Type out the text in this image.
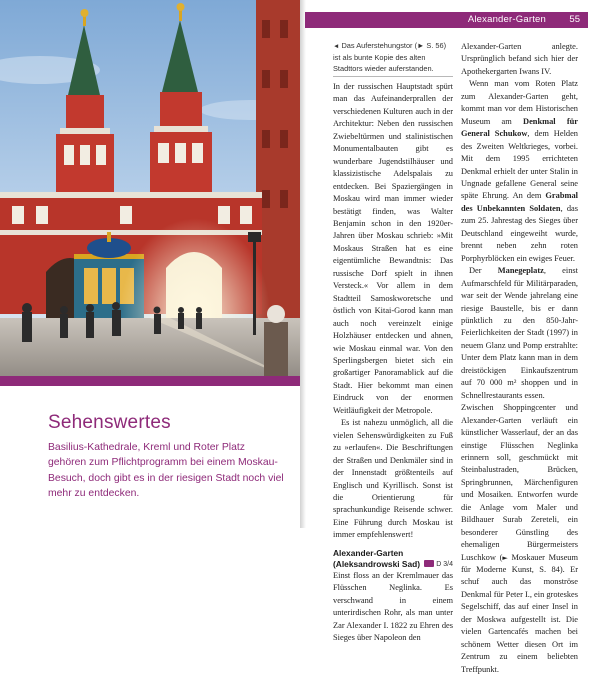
Sehenswertes
Basilius-Kathedrale, Kreml und Roter Platz gehören zum Pflichtprogramm bei einem Moskau-Besuch, doch gibt es in der riesigen Stadt noch viel mehr zu entdecken.
Alexander-Garten 55
◄ Das Auferstehungstor (► S. 56) ist als bunte Kopie des alten Stadttors wieder auferstanden.

In der russischen Hauptstadt spürt man das Aufeinanderprallen der verschiedenen Kulturen auch in der Architektur: Neben den russischen Zwiebeltürmen und stalinistischen Monumentalbauten gibt es wunderbare Jugendstilhäuser und klassizistische Adelspalais zu entdecken. Bei Spaziergängen in Moskau wird man immer wieder bestätigt finden, was Walter Benjamin schon in den 1920er-Jahren über Moskau schrieb: »Mit Moskaus Straßen hat es eine eigentümliche Bewandtnis: Das russische Dorf spielt in ihnen Versteck.« Vor allem in dem Stadtteil Samoskworetsche und östlich von Kitai-Gorod kann man auch noch vereinzelt einige Holzhäuser entdecken und ahnen, wie Moskau einmal war. Von den Sperlingsbergen bietet sich ein großartiger Panoramablick auf die Stadt. Hier bekommt man einen Eindruck von der enormen Weitläufigkeit der Metropole.

Es ist nahezu unmöglich, all die vielen Sehenswürdigkeiten zu Fuß zu »erlaufen«. Die Beschriftungen der Straßen und Denkmäler sind in der Innenstadt größtenteils auf Englisch und Kyrillisch. Sonst ist die Orientierung für sprachunkundige Reisende schwer. Eine Führung durch Moskau ist immer empfehlenswert!

Alexander-Garten
(Aleksandrowski Sad)	D 3/4

Einst floss an der Kremlmauer das Flüsschen Neglinka. Es verschwand in einem unterirdischen Rohr, als man unter Zar Alexander I. 1822 zu Ehren des Sieges über Napoleon den

Alexander-Garten anlegte. Ursprünglich befand sich hier der Apothekergarten Iwans IV.

Wenn man vom Roten Platz zum Alexander-Garten geht, kommt man vor dem Historischen Museum am Denkmal für General Schukow, dem Helden des Zweiten Weltkrieges, vorbei. Mit dem 1995 errichteten Denkmal erhielt der unter Stalin in Ungnade gefallene General seine späte Ehrung. An dem Grabmal des Unbekannten Soldaten, das zum 25. Jahrestag des Sieges über Deutschland eingeweiht wurde, brennt neben zehn roten Porphyrblöcken ein ewiges Feuer.

Der Manegeplatz, einst Aufmarschfeld für Militärparaden, war seit der Wende jahrelang eine riesige Baustelle, bis er dann pünktlich zu den 850-Jahr-Feierlichkeiten der Stadt (1997) in neuem Glanz und Pomp erstrahlte: Unter dem Platz kann man in dem dreistöckigen Einkaufszentrum auf 70 000 m² shoppen und in Schnellrestaurants essen.

Zwischen Shoppingcenter und Alexander-Garten verläuft ein künstlicher Wasserlauf, der an das einstige Flüsschen Neglinka erinnern soll, geschmückt mit Steinbalustraden, Brücken, Springbrunnen, Märchenfiguren und Mosaiken. Entworfen wurde die Anlage vom Maler und Bildhauer Surab Zereteli, ein besonderer Günstling des ehemaligen Bürgermeisters Luschkow (► Moskauer Museum für Moderne Kunst, S. 84). Er schuf auch das monströse Denkmal für Peter I., ein groteskes Segelschiff, das auf einer Insel in der Moskwa aufgestellt ist. Die vielen Gartencafés machen bei schönem Wetter diesen Ort im Zentrum zu einem beliebten Treffpunkt.
